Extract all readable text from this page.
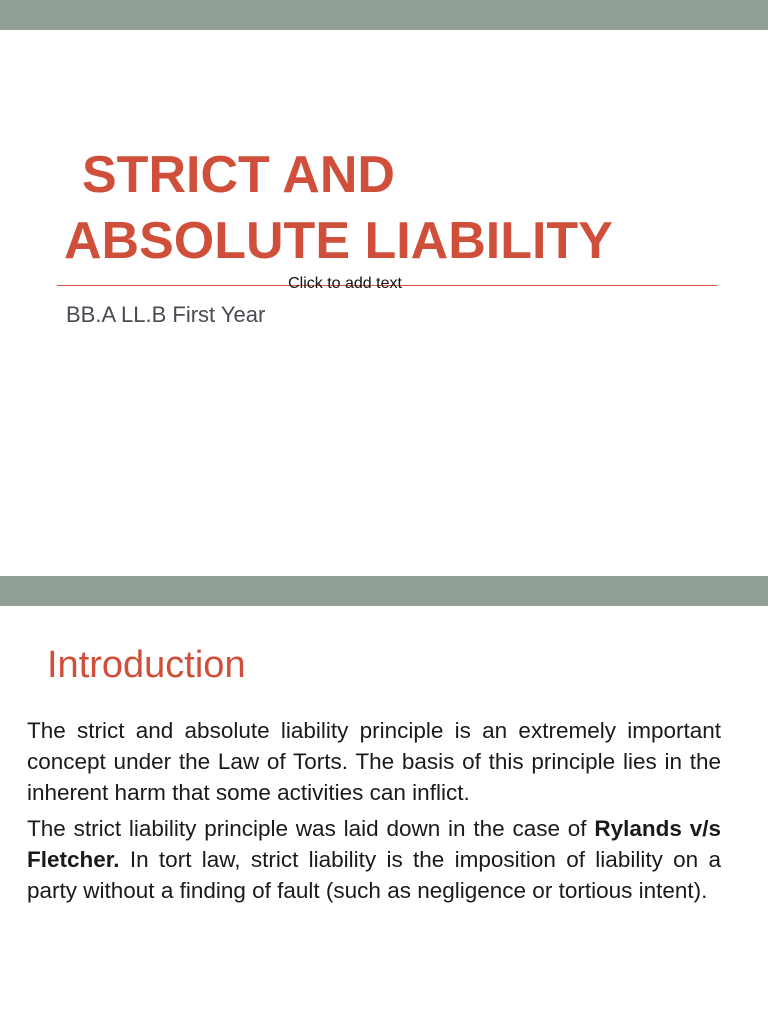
STRICT AND
ABSOLUTE LIABILITY
Click to add text
BB.A LL.B First Year
Introduction

The strict and absolute liability principle is an extremely important concept under the Law of Torts. The basis of this principle lies in the inherent harm that some activities can inflict.

The strict liability principle was laid down in the case of Rylands v/s Fletcher. In tort law, strict liability is the imposition of liability on a party without a finding of fault (such as negligence or tortious intent).
